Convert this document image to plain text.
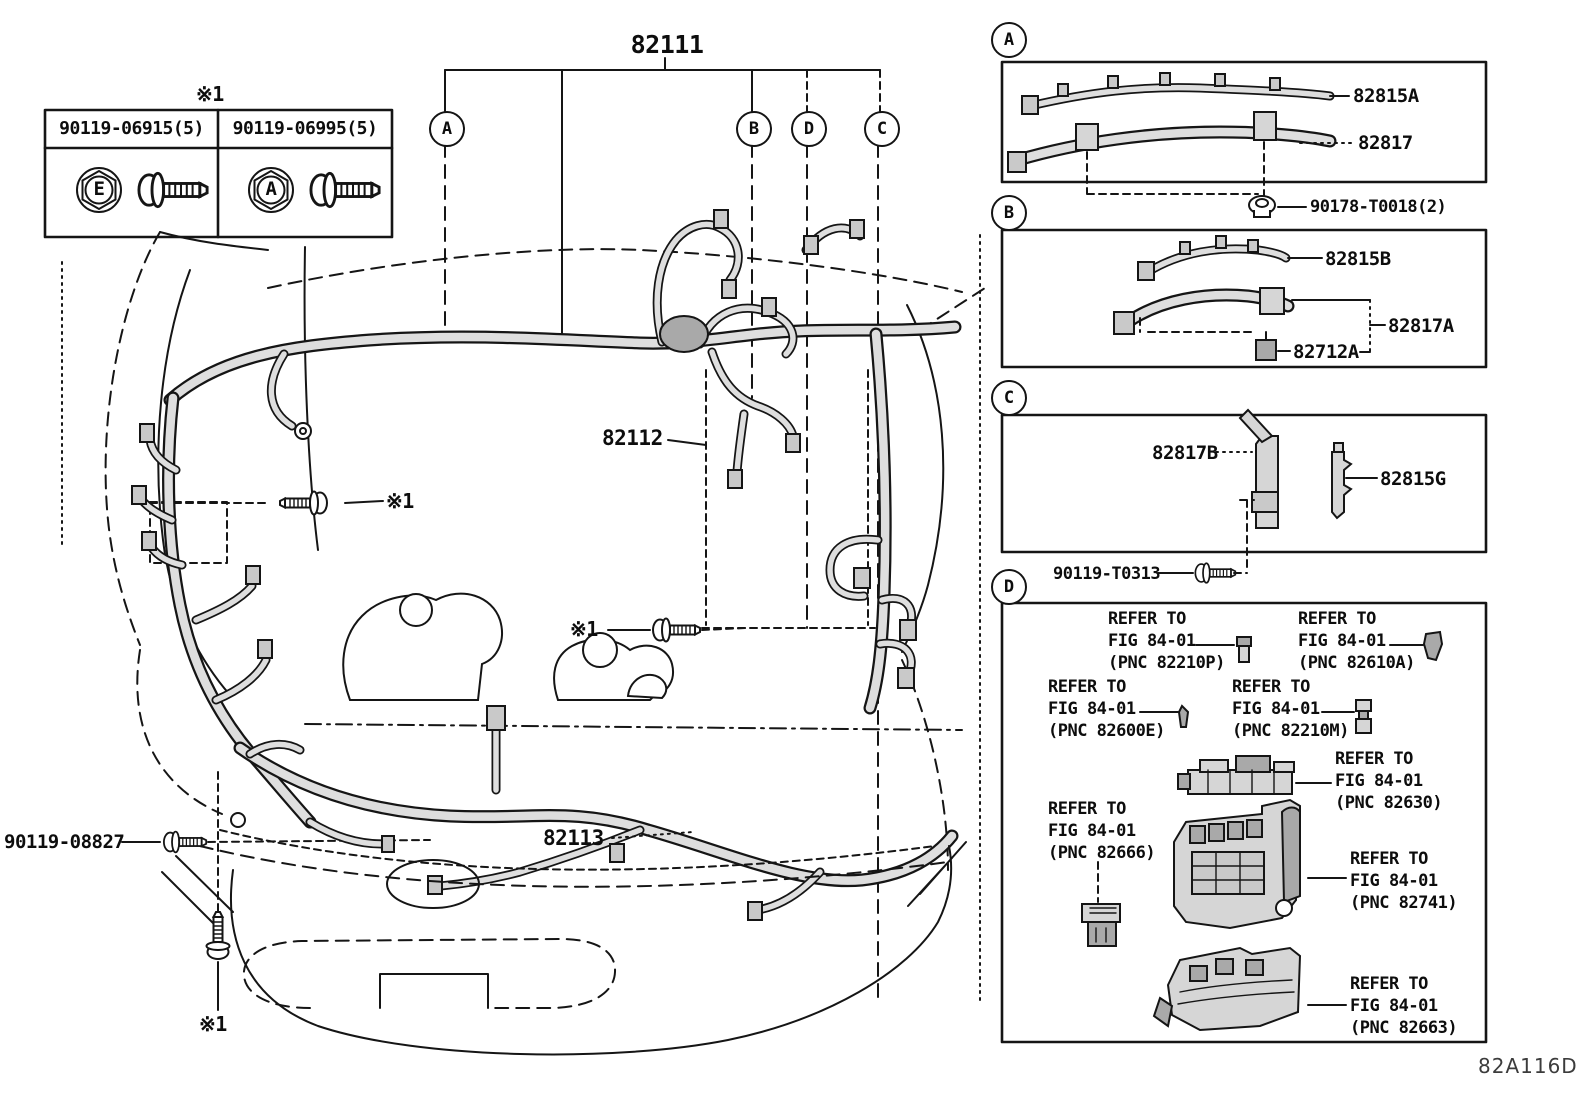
※1
90119-06915(5)	90119-06995(5)
E	A
82111
A	B	D	C
82112
82113
90119-08827
※1
※1
※1
A
B
C
D
82815A
82817
90178-T0018(2)
82815B
82817A
82712A
82817B
82815G
90119-T0313
REFER TO
FIG 84-01
(PNC 82210P)
REFER TO
FIG 84-01
(PNC 82610A)
REFER TO
FIG 84-01
(PNC 82600E)
REFER TO
FIG 84-01
(PNC 82210M)
REFER TO
FIG 84-01
(PNC 82630)
REFER TO
FIG 84-01
(PNC 82666)	REFER TO
FIG 84-01
(PNC 82741)
REFER TO
FIG 84-01
(PNC 82663)
82A116D
